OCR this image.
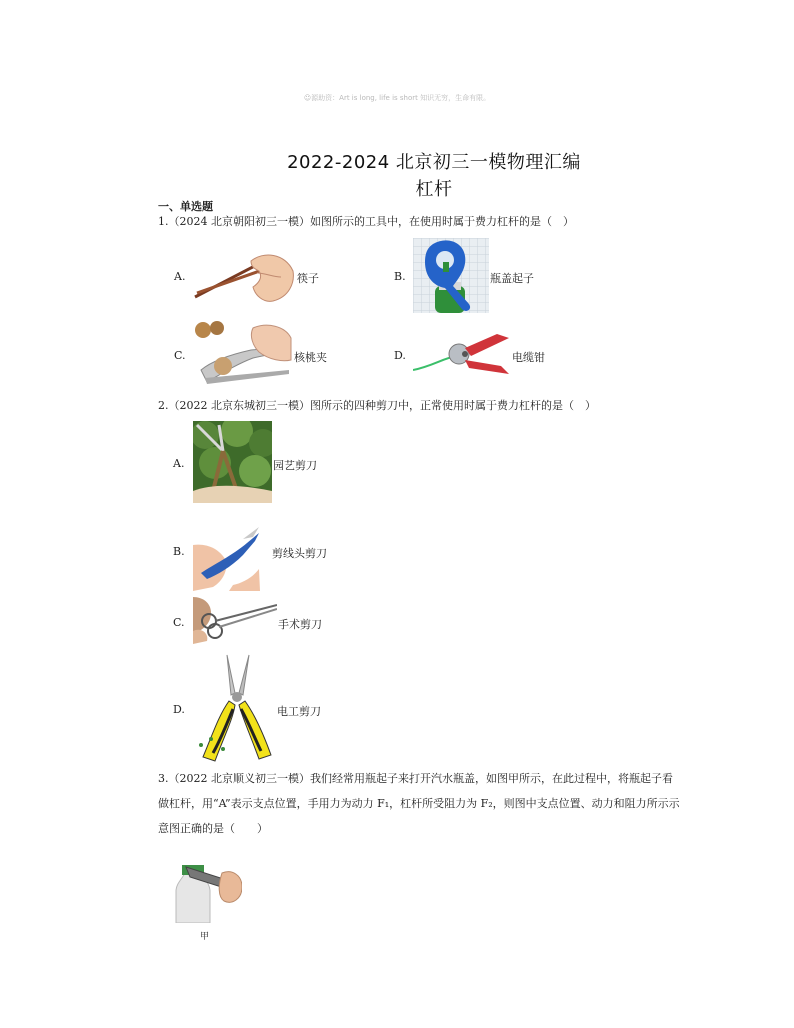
☺源助资：Art is long, life is short 知识无穷，生命有限。
2022-2024 北京初三一模物理汇编
杠杆
一、单选题
1.（2024 北京朝阳初三一模）如图所示的工具中，在使用时属于费力杠杆的是（　）
A.	筷子	B.	瓶盖起子
C.	核桃夹	D.	电缆钳
2.（2022 北京东城初三一模）图所示的四种剪刀中，正常使用时属于费力杠杆的是（　）
A.	园艺剪刀
B.	剪线头剪刀
C.	手术剪刀
D.	电工剪刀
3.（2022 北京顺义初三一模）我们经常用瓶起子来打开汽水瓶盖，如图甲所示，在此过程中，将瓶起子看
做杠杆，用“A”表示支点位置，手用力为动力 F₁，杠杆所受阻力为 F₂，则图中支点位置、动力和阻力所示示
意图正确的是（　　）
甲
